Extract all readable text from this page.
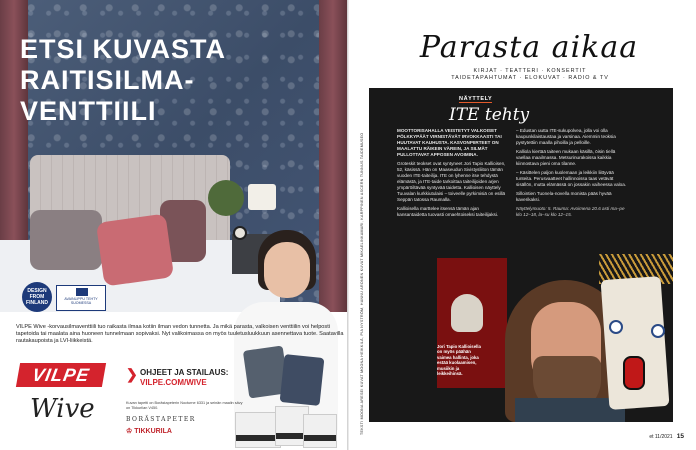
ETSI KUVASTA RAITISILMA-VENTTIILI
DESIGN FROM FINLAND
AVAINLIPPU TEHTY SUOMESSA
VILPE Wive -korvausilmaventtiili tuo raikasta ilmaa kotiin ilman vedon tunnetta. Ja mikä parasta, valkoisen venttiilin voi helposti tapetoida tai maalata aina huoneen tunnelmaan sopivaksi. Nyt valikoimassa on myös tuuletusluukkuun asennettava tuote. Saatavilla rautakaupoista ja LVI-liikkeistä.
VILPE
Wive
❯ OHJEET JA STAILAUS:
VILPE.COM/WIVE
Kuvan tapetti on Borästapeterin Nocturne 6331 ja seinän maalin sävy on Tikkurilan V450.
BORÄSTAPETER
♔ TIKKURILA
Parasta aikaa
KIRJAT · TEATTERI · KONSERTIT
TAIDETAPAHTUMAT · ELOKUVAT · RADIO & TV
TEKSTI MOONA ARESEI KUVAT MOONA HEIKKILÄ, PIA NYSTRÖM, HANNU ARONEN KUVAT MIKAELINKAMARI, KARPPINEN ASCERN TUNNUS TAIDEMUSEO
NÄYTTELY
ITE tehty

MOOTTORISAHALLA VEISTETYT VALKOISET PÖLKKYPÄÄT VIRNISTÄVÄT IRVOKKAASTI TAI HUUTAVAT KAUHUSTA. KASVONPIIRTEET ON MAALATTU RÄIKEIN VÄREIN, JA SILMÄT PULLOTTAVAT APPOSEN AVOIMINA.

Groteskit teokset ovat syntyneet Jori Tapio Kallioisen, 52, käsissä. Hän on Maaseudun Sivistysliiton tämän vuoden ITE-taiteilija. ITE on lyhenne itse tehdystä elämästä, ja ITE-taide tarkoittaa taiteilijoiden arjen ympäröiltävää syntyvää taidetta. Kallioisen näyttely Tuuvalan kurkkiutulaisi – toiveelle pyrkimisiä on esillä Seppän tatossa Raumalla.

Kallioisella marttelee itsensä tämän ajan kansantaidetta tuovasti omaehtoiseksi taiteilijaksi.

– Edustan uutta ITE-sukupolvea, jolla voi olla kaupunkilaistaustaa ja varsinaa. Aiemmin teoksia pystytettiin maalla pihoilla ja pelloille.

Kalliola kiertää taiteen mukaan käsillä, öisin tiellä vaellaa maailmassa. Metsurinurakoissa kaikkia kiinnostava pieni oma tilanne.

– Käsittelen paljon kuolemaan ja leikkiin liittyvää tunteita. Perusvaatteet hallinnoissa taas vetävät sisällön, mutta elämässä on jossakin vaiheessa valoa.

Sillointien Tuonela-novella monista pääs hyvää kaverikaksi.

Näyttelymuoto: 5. Rauma: Avoimena 20.6 asti ma–pe klo 12–18, la–su klo 12–15.

Jori Tapio Kallioisella on myös päähän vaimea hallinta, joka estää kuolaamisen, musiikin ja leikkeihinsä.
et 11/2021 15
